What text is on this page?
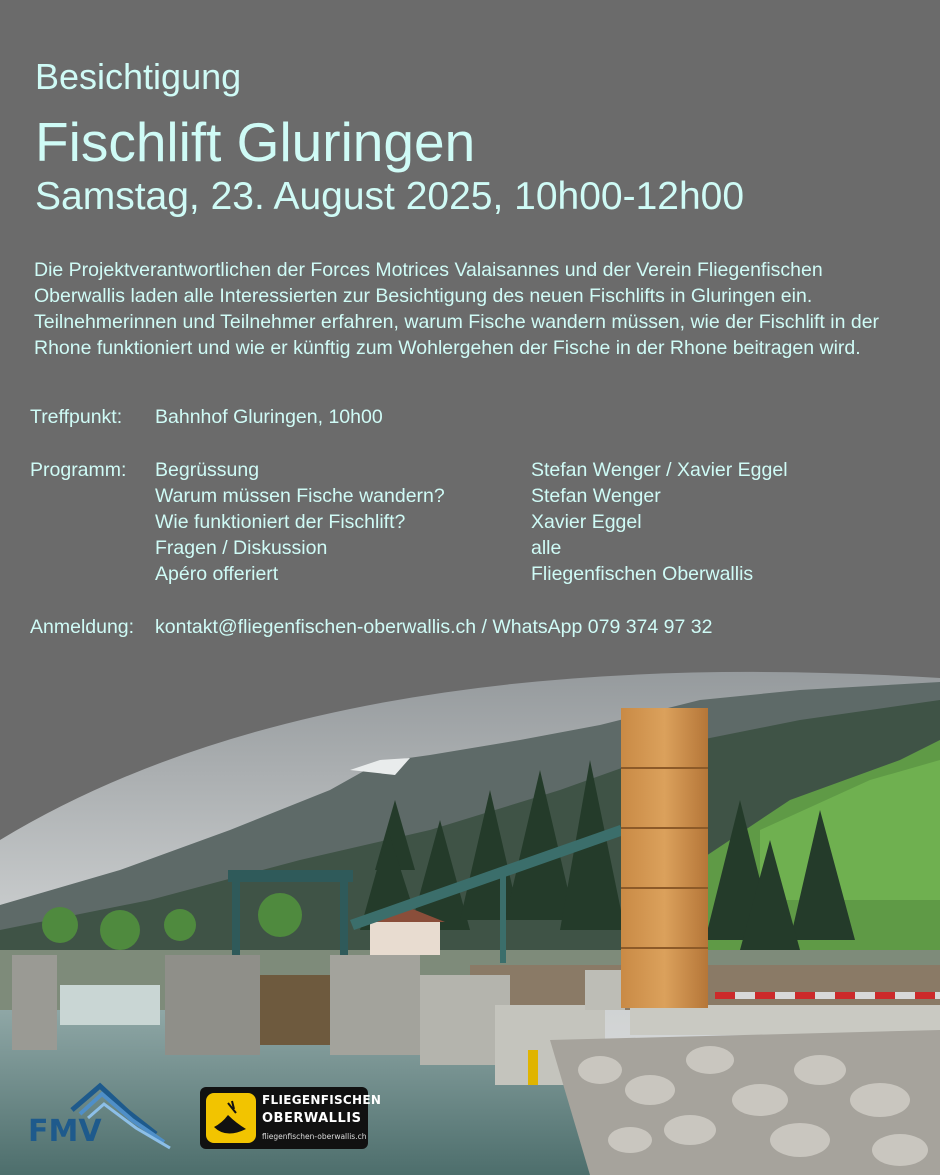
Besichtigung
Fischlift Gluringen
Samstag, 23. August 2025, 10h00-12h00
Die Projektverantwortlichen der Forces Motrices Valaisannes und der Verein Fliegenfischen Oberwallis laden alle Interessierten zur Besichtigung des neuen Fischlifts in Gluringen ein. Teilnehmerinnen und Teilnehmer erfahren, warum Fische wandern müssen, wie der Fischlift in der Rhone funktioniert und wie er künftig zum Wohlergehen der Fische in der Rhone beitragen wird.
Treffpunkt: Bahnhof Gluringen, 10h00
Programm: Begrüssung	Stefan Wenger / Xavier Eggel
Warum müssen Fische wandern?	Stefan Wenger
Wie funktioniert der Fischlift?	Xavier Eggel
Fragen / Diskussion	alle
Apéro offeriert	Fliegenfischen Oberwallis
Anmeldung: kontakt@fliegenfischen-oberwallis.ch / WhatsApp 079 374 97 32
FMV
FLIEGENFISCHEN
OBERWALLIS
fliegenfischen-oberwallis.ch
